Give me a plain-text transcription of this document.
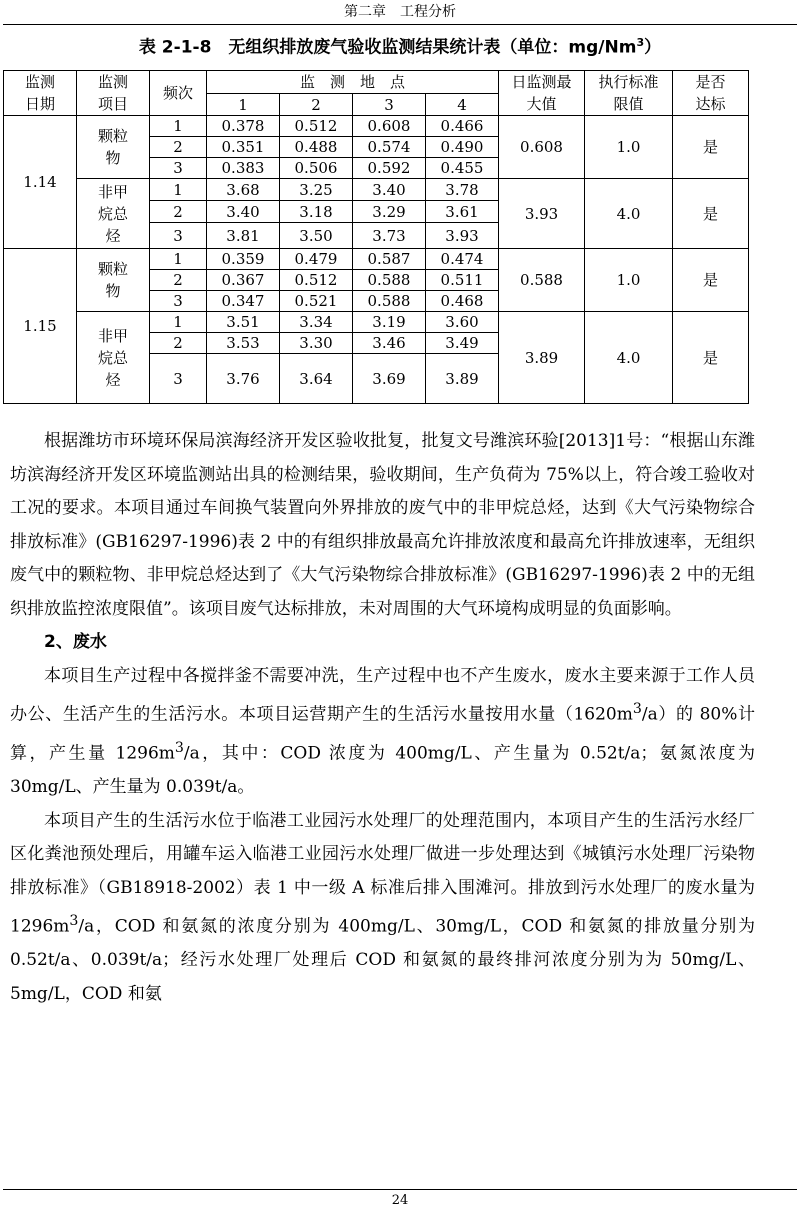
第二章　工程分析
表 2-1-8　无组织排放废气验收监测结果统计表（单位：mg/Nm$^3$）
监测日期	监测项目	频次	监　测　地　点				日监测最大值	执行标准限值	是否达标
			1	2	3	4			
1.14	颗粒物	1	0.378	0.512	0.608	0.466	0.608	1.0	是
		2	0.351	0.488	0.574	0.490			
		3	0.383	0.506	0.592	0.455			
	非甲烷总烃	1	3.68	3.25	3.40	3.78	3.93	4.0	是
		2	3.40	3.18	3.29	3.61			
		3	3.81	3.50	3.73	3.93			
1.15	颗粒物	1	0.359	0.479	0.587	0.474	0.588	1.0	是
		2	0.367	0.512	0.588	0.511			
		3	0.347	0.521	0.588	0.468			
	非甲烷总烃	1	3.51	3.34	3.19	3.60	3.89	4.0	是
		2	3.53	3.30	3.46	3.49			
		3	3.76	3.64	3.69	3.89			

根据潍坊市环境环保局滨海经济开发区验收批复，批复文号潍滨环验[2013]1号：“根据山东潍坊滨海经济开发区环境监测站出具的检测结果，验收期间，生产负荷为 75%以上，符合竣工验收对工况的要求。本项目通过车间换气装置向外界排放的废气中的非甲烷总烃，达到《大气污染物综合排放标准》(GB16297-1996)表 2 中的有组织排放最高允许排放浓度和最高允许排放速率，无组织废气中的颗粒物、非甲烷总烃达到了《大气污染物综合排放标准》(GB16297-1996)表 2 中的无组织排放监控浓度限值”。该项目废气达标排放，未对周围的大气环境构成明显的负面影响。

2、废水

本项目生产过程中各搅拌釜不需要冲洗，生产过程中也不产生废水，废水主要来源于工作人员办公、生活产生的生活污水。本项目运营期产生的生活污水量按用水量$(1620m^3/a)$的 80%计算，产生量 $1296m^3/a$，其中：COD 浓度为 400mg/L、产生量为 0.52t/a；氨氮浓度为 30mg/L、产生量为 0.039t/a。

本项目产生的生活污水位于临港工业园污水处理厂的处理范围内，本项目产生的生活污水经厂区化粪池预处理后，用罐车运入临港工业园污水处理厂做进一步处理达到《城镇污水处理厂污染物排放标准》（GB18918-2002）表 1 中一级 A 标准后排入围滩河。排放到污水处理厂的废水量为 $1296m^3/a$，COD 和氨氮的浓度分别为 400mg/L、30mg/L，COD 和氨氮的排放量分别为 0.52t/a、0.039t/a；经污水处理厂处理后 COD 和氨氮的最终排河浓度分别为为 50mg/L、5mg/L，COD 和氨

24
